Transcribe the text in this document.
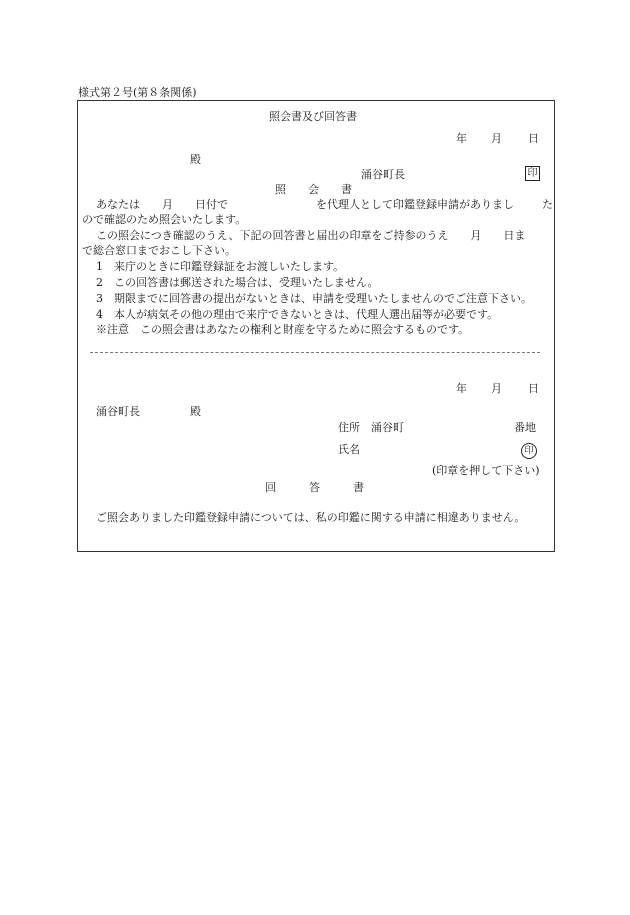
様式第２号(第８条関係)
照会書及び回答書
年 月 日
殿
涌谷町長	印
照　　会　　書
あなたは　　月　　日付で　　　　　　　　を代理人として印鑑登録申請がありまし	た
ので確認のため照会いたします。
この照会につき確認のうえ、下記の回答書と届出の印章をご持参のうえ　　月　　日ま
で総合窓口までおこし下さい。
1　来庁のときに印鑑登録証をお渡しいたします。
2　この回答書は郵送された場合は、受理いたしません。
3　期限までに回答書の提出がないときは、申請を受理いたしませんのでご注意下さい。
4　本人が病気その他の理由で来庁できないときは、代理人選出届等が必要です。
※注意　この照会書はあなたの権利と財産を守るために照会するものです。
年 月 日
涌谷町長	殿
住所　涌谷町	番地
氏名	印
(印章を押して下さい)
回　　　答　　　書
ご照会ありました印鑑登録申請については、私の印鑑に関する申請に相違ありません。
